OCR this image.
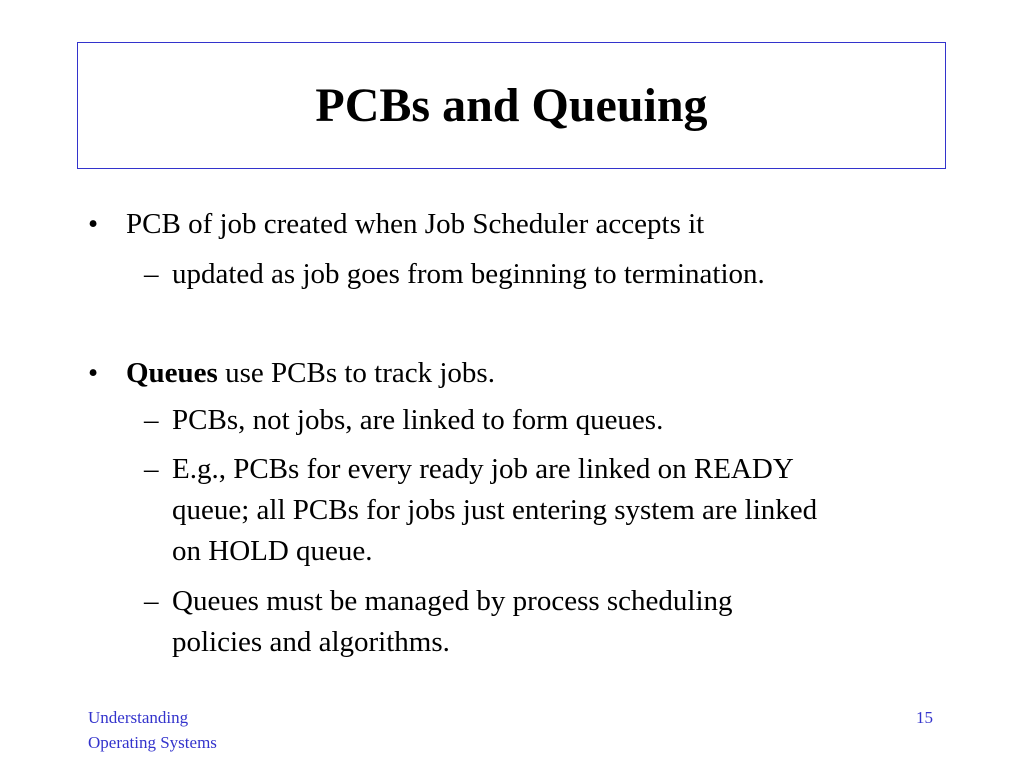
PCBs and Queuing
• PCB of job created when Job Scheduler accepts it
– updated as job goes from beginning to termination.
• Queues use PCBs to track jobs.
– PCBs, not jobs, are linked to form queues.
– E.g., PCBs for every ready job are linked on READY
queue; all PCBs for jobs just entering system are linked
on HOLD queue.
– Queues must be managed by process scheduling
policies and algorithms.
Understanding
Operating Systems
15
